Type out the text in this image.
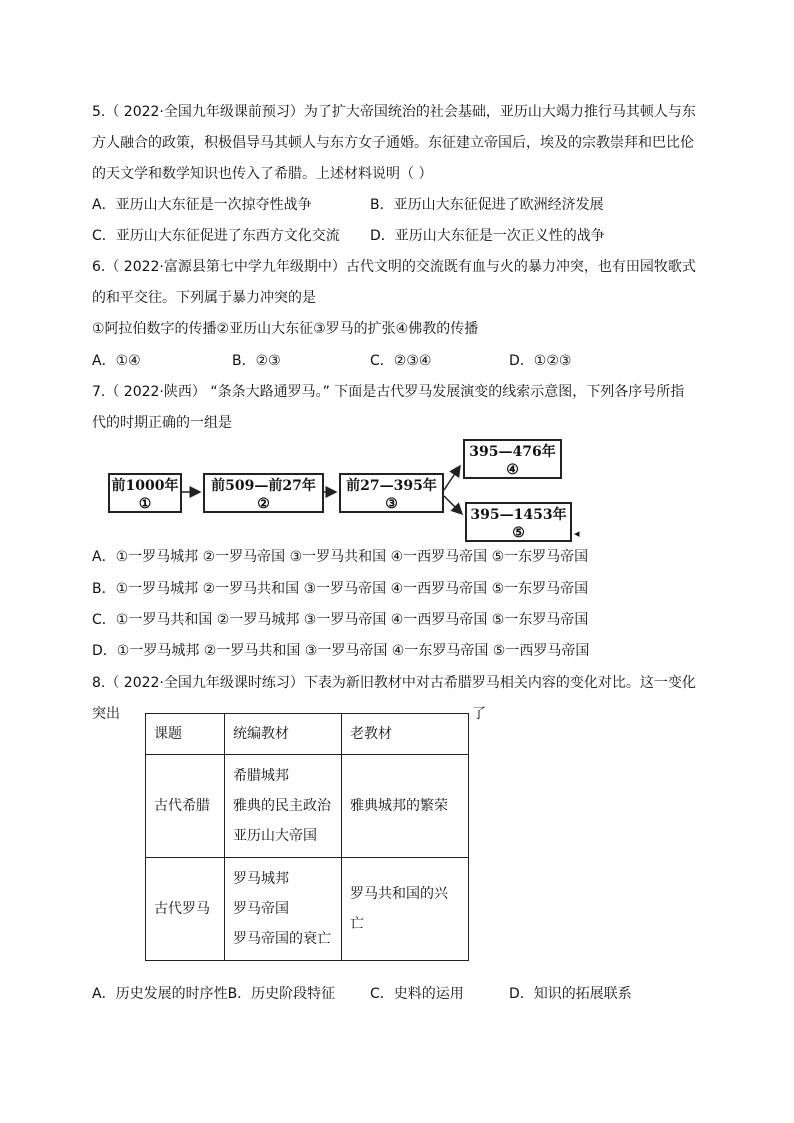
5.（ 2022·全国九年级课前预习）为了扩大帝国统治的社会基础，亚历山大竭力推行马其顿人与东
方人融合的政策，积极倡导马其顿人与东方女子通婚。东征建立帝国后，埃及的宗教崇拜和巴比伦
的天文学和数学知识也传入了希腊。上述材料说明（ ）
A．亚历山大东征是一次掠夺性战争	B．亚历山大东征促进了欧洲经济发展
C．亚历山大东征促进了东西方文化交流 D．亚历山大东征是一次正义性的战争
6.（ 2022·富源县第七中学九年级期中）古代文明的交流既有血与火的暴力冲突，也有田园牧歌式
的和平交往。下列属于暴力冲突的是
①阿拉伯数字的传播②亚历山大东征③罗马的扩张④佛教的传播
A．①④	B．②③	C．②③④	D．①②③
7.（ 2022·陕西） “条条大路通罗马。” 下面是古代罗马发展演变的线索示意图，下列各序号所指
代的时期正确的一组是
前1000年
①
前509—前27年
②
前27—395年
③
395—476年
④
395—1453年
⑤	◂
A．①一罗马城邦 ②一罗马帝国 ③一罗马共和国 ④一西罗马帝国 ⑤一东罗马帝国
B．①一罗马城邦 ②一罗马共和国 ③一罗马帝国 ④一西罗马帝国 ⑤一东罗马帝国
C．①一罗马共和国 ②一罗马城邦 ③一罗马帝国 ④一西罗马帝国 ⑤一东罗马帝国
D．①一罗马城邦 ②一罗马共和国 ③一罗马帝国 ④一东罗马帝国 ⑤一西罗马帝国
8.（ 2022·全国九年级课时练习）下表为新旧教材中对古希腊罗马相关内容的变化对比。这一变化
突出	了
课题	统编教材	老教材
古代希腊	希腊城邦
雅典的民主政治
亚历山大帝国	雅典城邦的繁荣
古代罗马	罗马城邦
罗马帝国
罗马帝国的衰亡	罗马共和国的兴亡
A．历史发展的时序性B．历史阶段特征 C．史料的运用	D．知识的拓展联系
